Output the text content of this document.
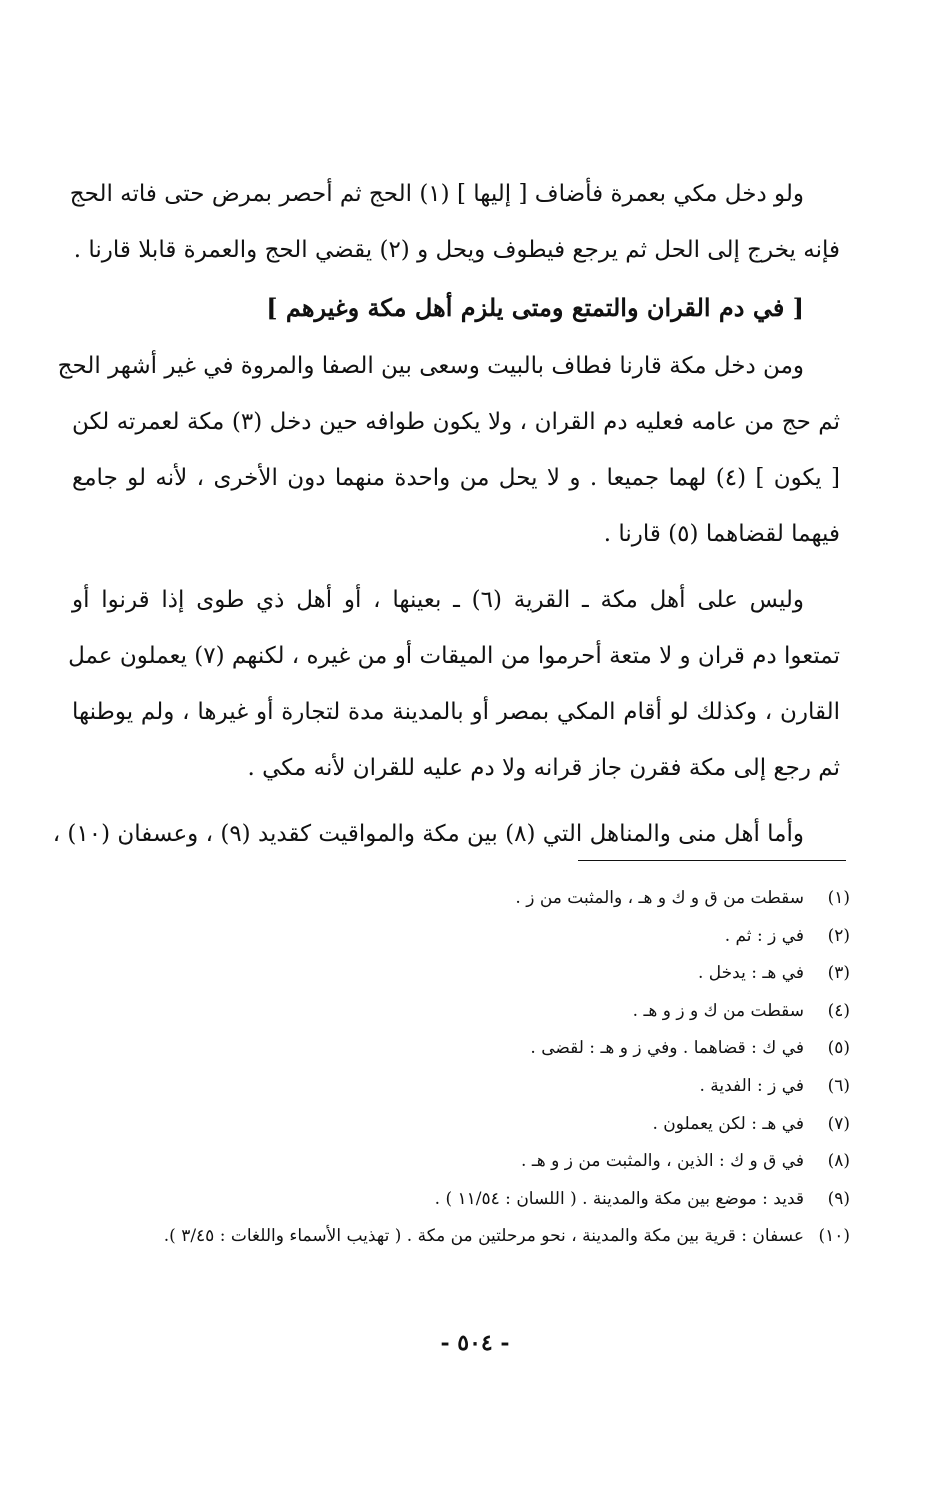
ولو دخل مكي بعمرة فأضاف [ إليها ] (١) الحج ثم أحصر بمرض حتى فاته الحج
فإنه يخرج إلى الحل ثم يرجع فيطوف ويحل و (٢) يقضي الحج والعمرة قابلا قارنا .
[ في دم القران والتمتع ومتى يلزم أهل مكة وغيرهم ]
ومن دخل مكة قارنا فطاف بالبيت وسعى بين الصفا والمروة في غير أشهر الحج
ثم حج من عامه فعليه دم القران ، ولا يكون طوافه حين دخل (٣) مكة لعمرته لكن
[ يكون ] (٤) لهما جميعا . و لا يحل من واحدة منهما دون الأخرى ، لأنه لو جامع
فيهما لقضاهما (٥) قارنا .
وليس على أهل مكة ـ القرية (٦) ـ بعينها ، أو أهل ذي طوى إذا قرنوا أو
تمتعوا دم قران و لا متعة أحرموا من الميقات أو من غيره ، لكنهم (٧) يعملون عمل
القارن ، وكذلك لو أقام المكي بمصر أو بالمدينة مدة لتجارة أو غيرها ، ولم يوطنها
ثم رجع إلى مكة فقرن جاز قرانه ولا دم عليه للقران لأنه مكي .
وأما أهل منى والمناهل التي (٨) بين مكة والمواقيت كقديد (٩) ، وعسفان (١٠) ،
(١)سقطت من ق و ك و هـ ، والمثبت من ز .
(٢)في ز : ثم .
(٣)في هـ : يدخل .
(٤)سقطت من ك و ز و هـ .
(٥)في ك : قضاهما . وفي ز و هـ : لقضى .
(٦)في ز : الفدية .
(٧)في هـ : لكن يعملون .
(٨)في ق و ك : الذين ، والمثبت من ز و هـ .
(٩)قديد : موضع بين مكة والمدينة . ( اللسان : ١١/٥٤ ) .
(١٠)عسفان : قرية بين مكة والمدينة ، نحو مرحلتين من مكة . ( تهذيب الأسماء واللغات : ٣/٤٥ ).
- ٥٠٤ -
